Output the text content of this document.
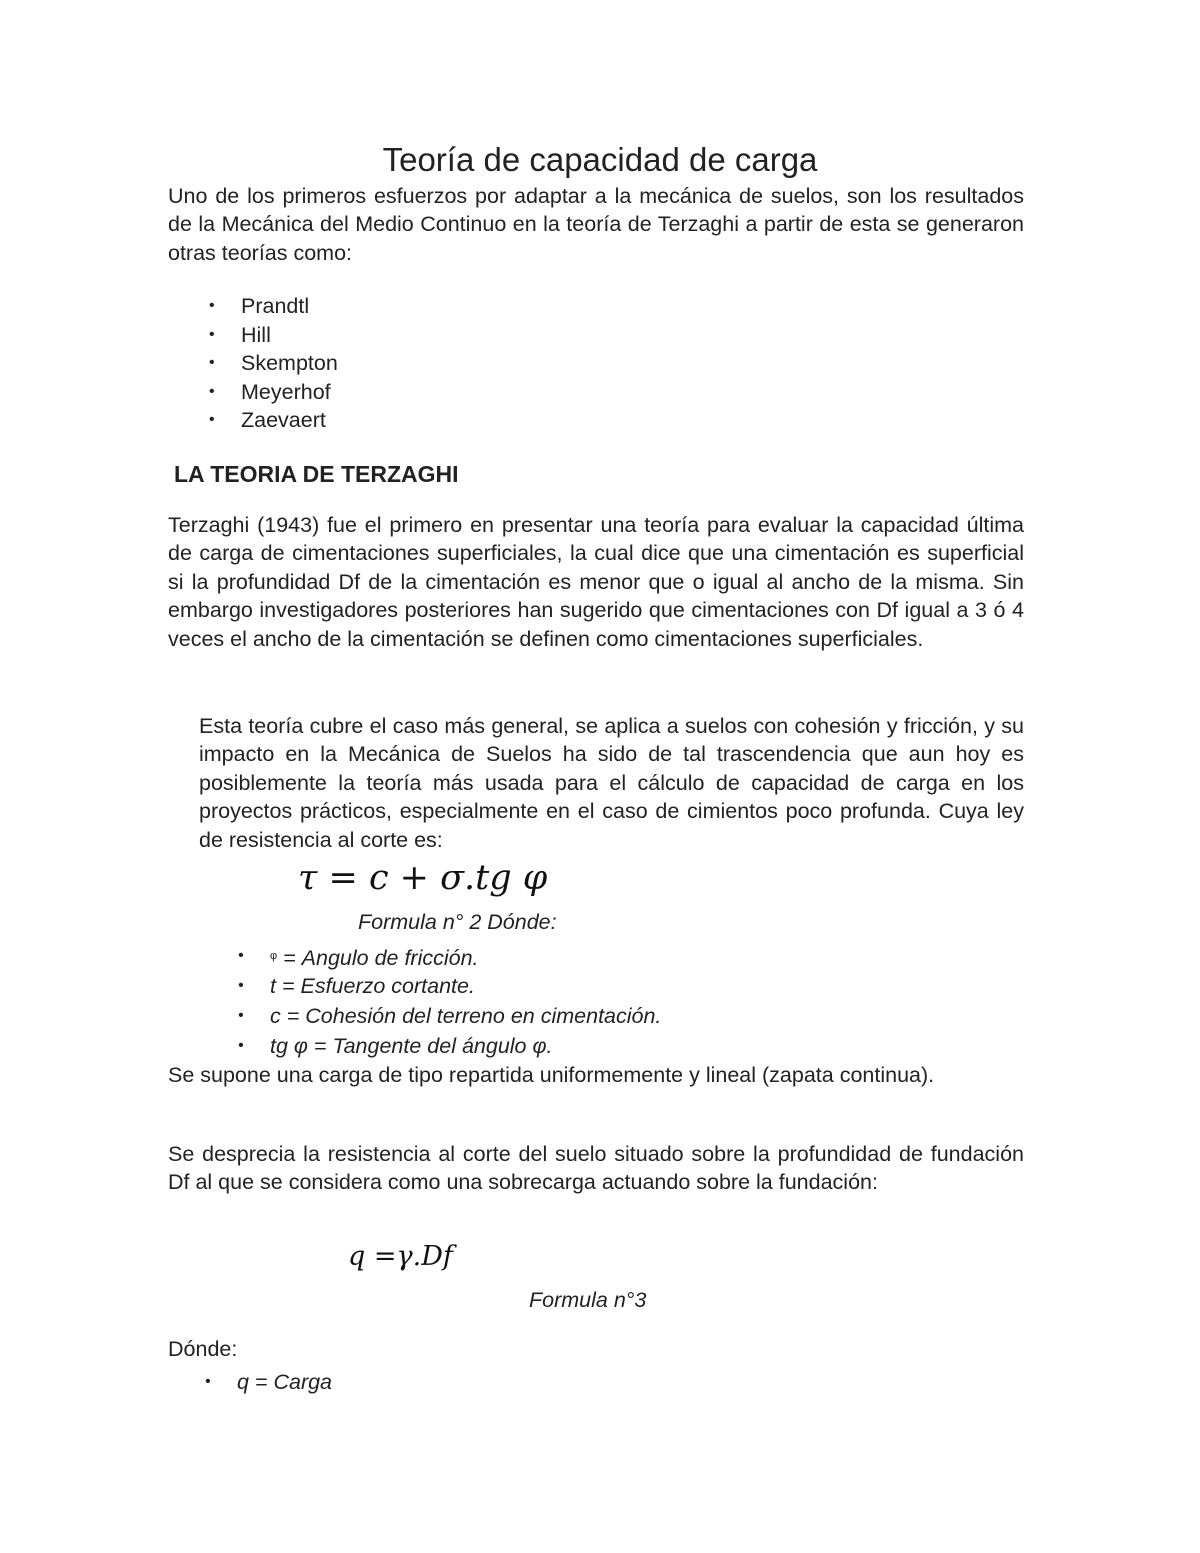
Teoría de capacidad de carga

Uno de los primeros esfuerzos por adaptar a la mecánica de suelos, son los resultados de la Mecánica del Medio Continuo en la teoría de Terzaghi a partir de esta se generaron otras teorías como:

• Prandtl
• Hill
• Skempton
• Meyerhof
• Zaevaert
LA TEORIA DE TERZAGHI

Terzaghi (1943) fue el primero en presentar una teoría para evaluar la capacidad última de carga de cimentaciones superficiales, la cual dice que una cimentación es superficial si la profundidad Df de la cimentación es menor que o igual al ancho de la misma. Sin embargo investigadores posteriores han sugerido que cimentaciones con Df igual a 3 ó 4 veces el ancho de la cimentación se definen como cimentaciones superficiales.

Esta teoría cubre el caso más general, se aplica a suelos con cohesión y fricción, y su impacto en la Mecánica de Suelos ha sido de tal trascendencia que aun hoy es posiblemente la teoría más usada para el cálculo de capacidad de carga en los proyectos prácticos, especialmente en el caso de cimientos poco profunda. Cuya ley de resistencia al corte es:

τ = c + σ.tg φ
Formula n° 2 Dónde:
• $^\varphi$ = Angulo de fricción.
• t = Esfuerzo cortante.
• c = Cohesión del terreno en cimentación.
• tg φ = Tangente del ángulo φ.

Se supone una carga de tipo repartida uniformemente y lineal (zapata continua).

Se desprecia la resistencia al corte del suelo situado sobre la profundidad de fundación Df al que se considera como una sobrecarga actuando sobre la fundación:

q =γ.Df
Formula n°3

Dónde:

• q = Carga
